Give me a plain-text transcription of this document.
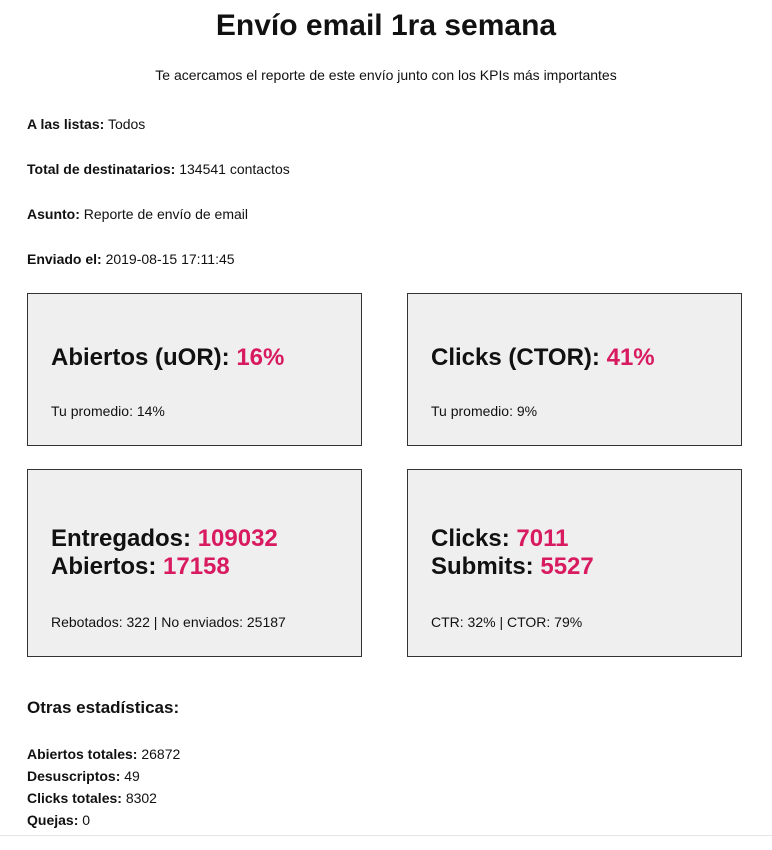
Envío email 1ra semana

Te acercamos el reporte de este envío junto con los KPIs más importantes

A las listas: Todos

Total de destinatarios: 134541 contactos

Asunto: Reporte de envío de email

Enviado el: 2019-08-15 17:11:45

Abiertos (uOR): 16%
Tu promedio: 14%
Clicks (CTOR): 41%
Tu promedio: 9%
Entregados: 109032
Abiertos: 17158
Rebotados: 322 | No enviados: 25187
Clicks: 7011
Submits: 5527
CTR: 32% | CTOR: 79%
Otras estadísticas:

Abiertos totales: 26872

Desuscriptos: 49

Clicks totales: 8302

Quejas: 0
